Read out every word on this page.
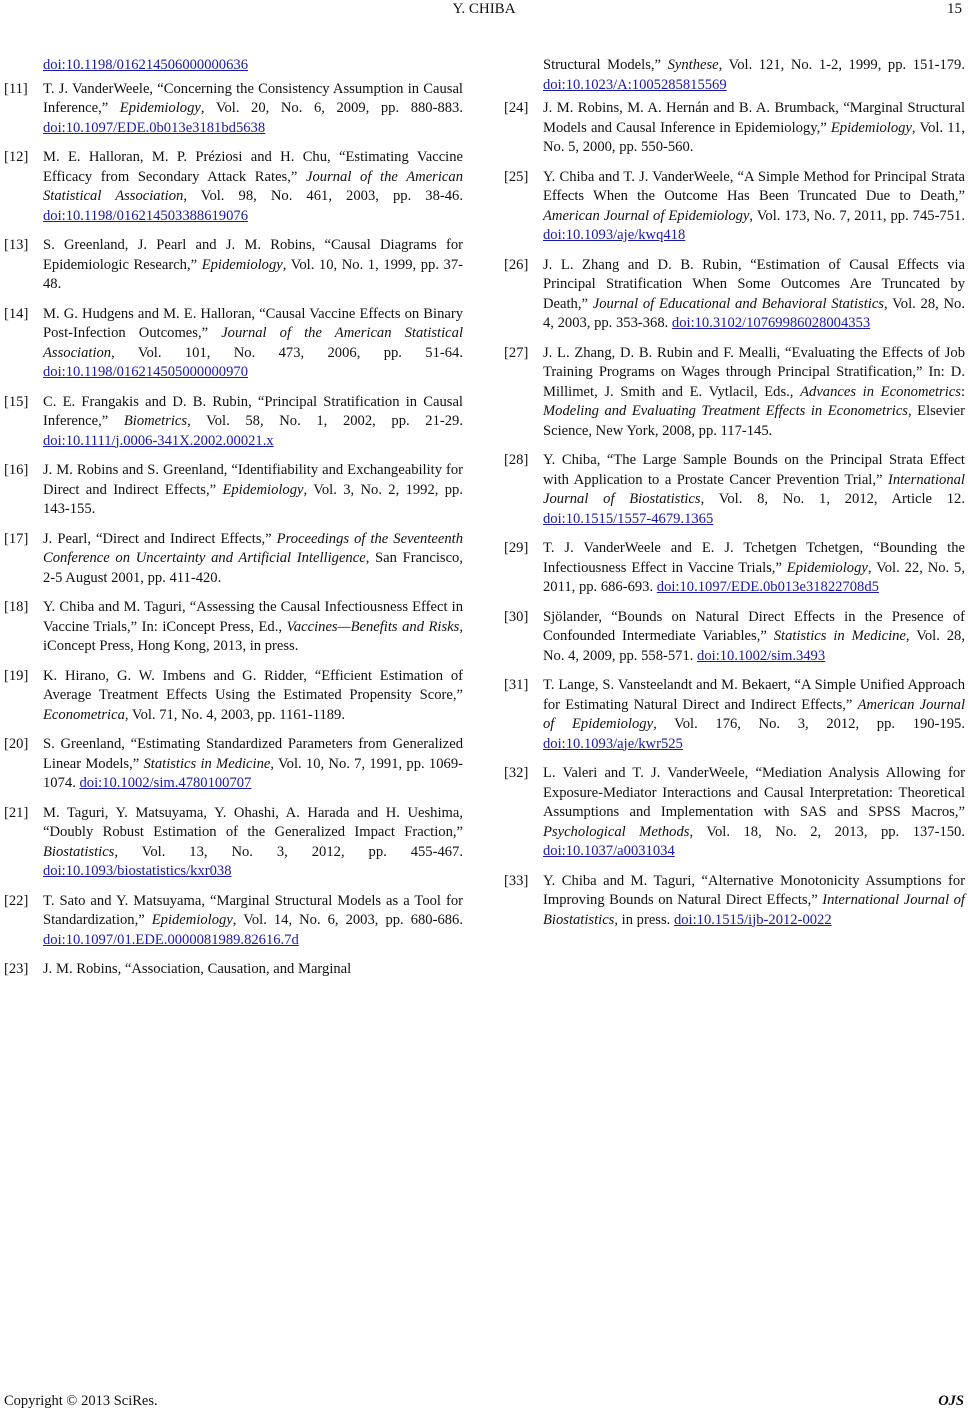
Y. CHIBA	15
doi:10.1198/016214506000000636
[11]	T. J. VanderWeele, “Concerning the Consistency Assumption in Causal Inference,” Epidemiology, Vol. 20, No. 6, 2009, pp. 880-883. doi:10.1097/EDE.0b013e3181bd5638
[12]	M. E. Halloran, M. P. Préziosi and H. Chu, “Estimating Vaccine Efficacy from Secondary Attack Rates,” Journal of the American Statistical Association, Vol. 98, No. 461, 2003, pp. 38-46. doi:10.1198/016214503388619076
[13]	S. Greenland, J. Pearl and J. M. Robins, “Causal Diagrams for Epidemiologic Research,” Epidemiology, Vol. 10, No. 1, 1999, pp. 37-48.
[14]	M. G. Hudgens and M. E. Halloran, “Causal Vaccine Effects on Binary Post-Infection Outcomes,” Journal of the American Statistical Association, Vol. 101, No. 473, 2006, pp. 51-64. doi:10.1198/016214505000000970
[15]	C. E. Frangakis and D. B. Rubin, “Principal Stratification in Causal Inference,” Biometrics, Vol. 58, No. 1, 2002, pp. 21-29. doi:10.1111/j.0006-341X.2002.00021.x
[16]	J. M. Robins and S. Greenland, “Identifiability and Exchangeability for Direct and Indirect Effects,” Epidemiology, Vol. 3, No. 2, 1992, pp. 143-155.
[17]	J. Pearl, “Direct and Indirect Effects,” Proceedings of the Seventeenth Conference on Uncertainty and Artificial Intelligence, San Francisco, 2-5 August 2001, pp. 411-420.
[18]	Y. Chiba and M. Taguri, “Assessing the Causal Infectiousness Effect in Vaccine Trials,” In: iConcept Press, Ed., Vaccines—Benefits and Risks, iConcept Press, Hong Kong, 2013, in press.
[19]	K. Hirano, G. W. Imbens and G. Ridder, “Efficient Estimation of Average Treatment Effects Using the Estimated Propensity Score,” Econometrica, Vol. 71, No. 4, 2003, pp. 1161-1189.
[20]	S. Greenland, “Estimating Standardized Parameters from Generalized Linear Models,” Statistics in Medicine, Vol. 10, No. 7, 1991, pp. 1069-1074. doi:10.1002/sim.4780100707
[21]	M. Taguri, Y. Matsuyama, Y. Ohashi, A. Harada and H. Ueshima, “Doubly Robust Estimation of the Generalized Impact Fraction,” Biostatistics, Vol. 13, No. 3, 2012, pp. 455-467. doi:10.1093/biostatistics/kxr038
[22]	T. Sato and Y. Matsuyama, “Marginal Structural Models as a Tool for Standardization,” Epidemiology, Vol. 14, No. 6, 2003, pp. 680-686. doi:10.1097/01.EDE.0000081989.82616.7d
[23]	J. M. Robins, “Association, Causation, and Marginal
Structural Models,” Synthese, Vol. 121, No. 1-2, 1999, pp. 151-179. doi:10.1023/A:1005285815569
[24]	J. M. Robins, M. A. Hernán and B. A. Brumback, “Marginal Structural Models and Causal Inference in Epidemiology,” Epidemiology, Vol. 11, No. 5, 2000, pp. 550-560.
[25]	Y. Chiba and T. J. VanderWeele, “A Simple Method for Principal Strata Effects When the Outcome Has Been Truncated Due to Death,” American Journal of Epidemiology, Vol. 173, No. 7, 2011, pp. 745-751. doi:10.1093/aje/kwq418
[26]	J. L. Zhang and D. B. Rubin, “Estimation of Causal Effects via Principal Stratification When Some Outcomes Are Truncated by Death,” Journal of Educational and Behavioral Statistics, Vol. 28, No. 4, 2003, pp. 353-368. doi:10.3102/10769986028004353
[27]	J. L. Zhang, D. B. Rubin and F. Mealli, “Evaluating the Effects of Job Training Programs on Wages through Principal Stratification,” In: D. Millimet, J. Smith and E. Vytlacil, Eds., Advances in Econometrics: Modeling and Evaluating Treatment Effects in Econometrics, Elsevier Science, New York, 2008, pp. 117-145.
[28]	Y. Chiba, “The Large Sample Bounds on the Principal Strata Effect with Application to a Prostate Cancer Prevention Trial,” International Journal of Biostatistics, Vol. 8, No. 1, 2012, Article 12. doi:10.1515/1557-4679.1365
[29]	T. J. VanderWeele and E. J. Tchetgen Tchetgen, “Bounding the Infectiousness Effect in Vaccine Trials,” Epidemiology, Vol. 22, No. 5, 2011, pp. 686-693. doi:10.1097/EDE.0b013e31822708d5
[30]	Sjölander, “Bounds on Natural Direct Effects in the Presence of Confounded Intermediate Variables,” Statistics in Medicine, Vol. 28, No. 4, 2009, pp. 558-571. doi:10.1002/sim.3493
[31]	T. Lange, S. Vansteelandt and M. Bekaert, “A Simple Unified Approach for Estimating Natural Direct and Indirect Effects,” American Journal of Epidemiology, Vol. 176, No. 3, 2012, pp. 190-195. doi:10.1093/aje/kwr525
[32]	L. Valeri and T. J. VanderWeele, “Mediation Analysis Allowing for Exposure-Mediator Interactions and Causal Interpretation: Theoretical Assumptions and Implementation with SAS and SPSS Macros,” Psychological Methods, Vol. 18, No. 2, 2013, pp. 137-150. doi:10.1037/a0031034
[33]	Y. Chiba and M. Taguri, “Alternative Monotonicity Assumptions for Improving Bounds on Natural Direct Effects,” International Journal of Biostatistics, in press. doi:10.1515/ijb-2012-0022
Copyright © 2013 SciRes.	OJS
